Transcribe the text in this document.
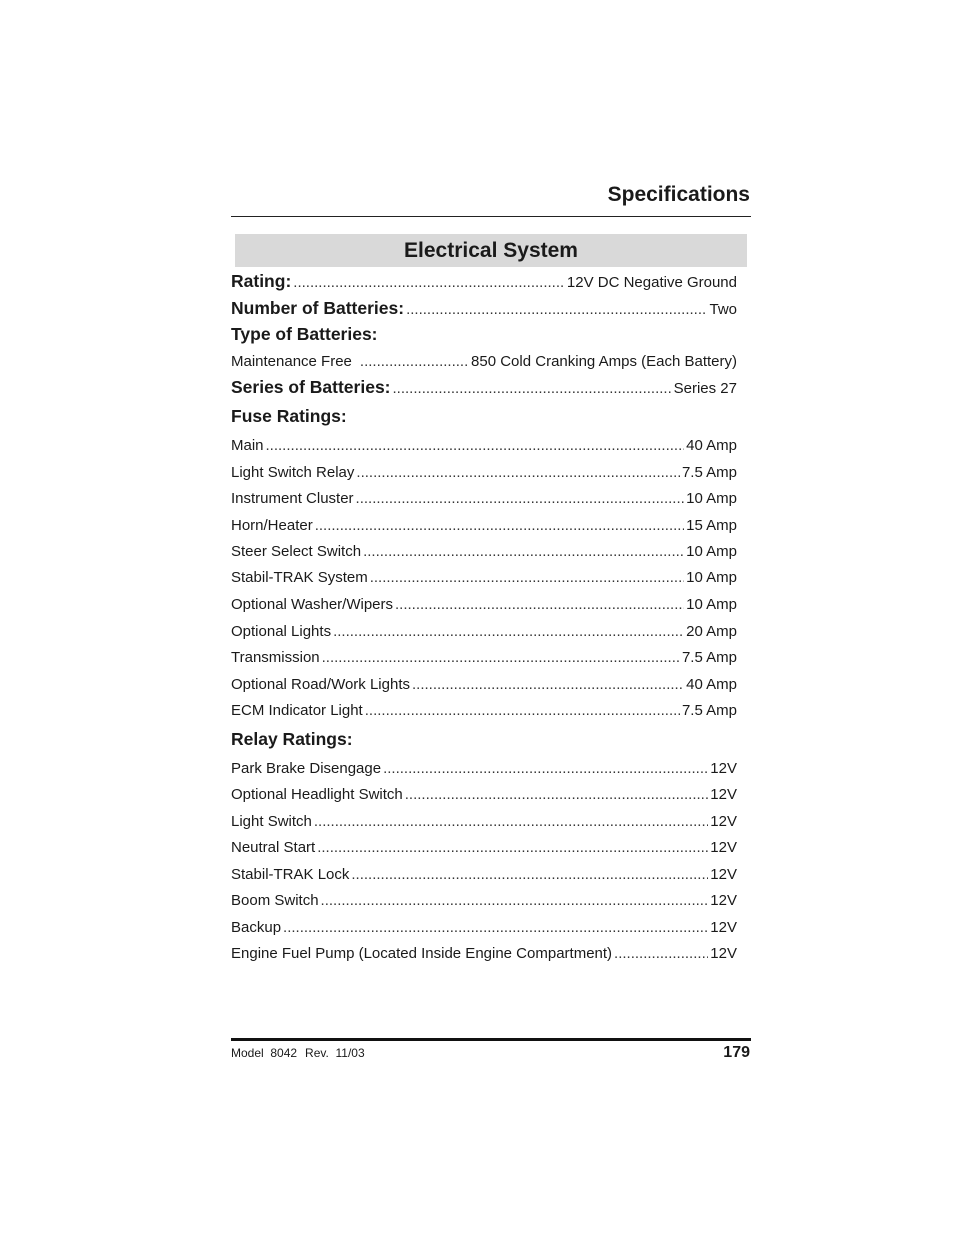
Specifications
Electrical System
Rating: .....	12V DC Negative Ground
Number of Batteries: .....	Two
Type of Batteries:
Maintenance Free .....	850 Cold Cranking Amps (Each Battery)
Series of Batteries: .....	Series 27
Fuse Ratings:
Main .....	40 Amp
Light Switch Relay .....	7.5 Amp
Instrument Cluster .....	10 Amp
Horn/Heater .....	15 Amp
Steer Select Switch .....	10 Amp
Stabil-TRAK System .....	10 Amp
Optional Washer/Wipers .....	10 Amp
Optional Lights .....	20 Amp
Transmission .....	7.5 Amp
Optional Road/Work Lights .....	40 Amp
ECM Indicator Light .....	7.5 Amp
Relay Ratings:
Park Brake Disengage .....	12V
Optional Headlight Switch .....	12V
Light Switch .....	12V
Neutral Start .....	12V
Stabil-TRAK Lock .....	12V
Boom Switch .....	12V
Backup .....	12V
Engine Fuel Pump (Located Inside Engine Compartment) .....	12V
Model  8042 Rev.  11/03	179
